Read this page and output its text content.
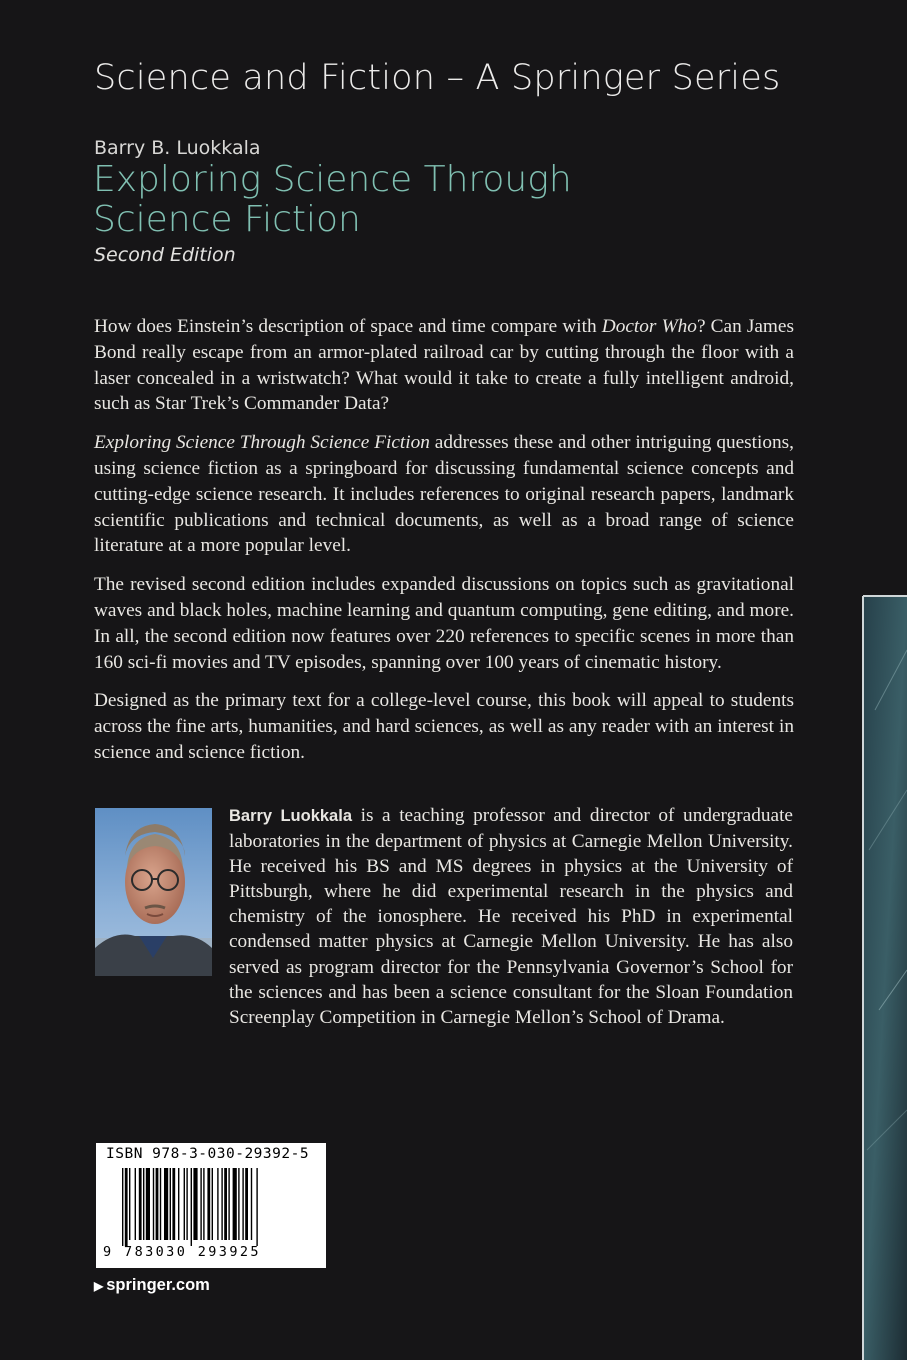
Science and Fiction – A Springer Series
Barry B. Luokkala
Exploring Science Through Science Fiction
Second Edition

How does Einstein’s description of space and time compare with Doctor Who? Can James Bond really escape from an armor-plated railroad car by cutting through the floor with a laser concealed in a wristwatch? What would it take to create a fully intelligent android, such as Star Trek’s Commander Data?

Exploring Science Through Science Fiction addresses these and other intriguing questions, using science fiction as a springboard for discussing fundamental science concepts and cutting-edge science research. It includes references to original research papers, landmark scientific publications and technical documents, as well as a broad range of science literature at a more popular level.

The revised second edition includes expanded discussions on topics such as gravitational waves and black holes, machine learning and quantum computing, gene editing, and more. In all, the second edition now features over 220 references to specific scenes in more than 160 sci-fi movies and TV episodes, spanning over 100 years of cinematic history.

Designed as the primary text for a college-level course, this book will appeal to students across the fine arts, humanities, and hard sciences, as well as any reader with an interest in science and science fiction.

Barry Luokkala is a teaching professor and director of undergraduate laboratories in the department of physics at Carnegie Mellon University. He received his BS and MS degrees in physics at the University of Pittsburgh, where he did experimental research in the physics and chemistry of the ionosphere. He received his PhD in experimental condensed matter physics at Carnegie Mellon University. He has also served as program director for the Pennsylvania Governor’s School for the sciences and has been a science consultant for the Sloan Foundation Screenplay Competition in Carnegie Mellon’s School of Drama.

ISBN 978-3-030-29392-5
9 783030 293925
▶ springer.com
